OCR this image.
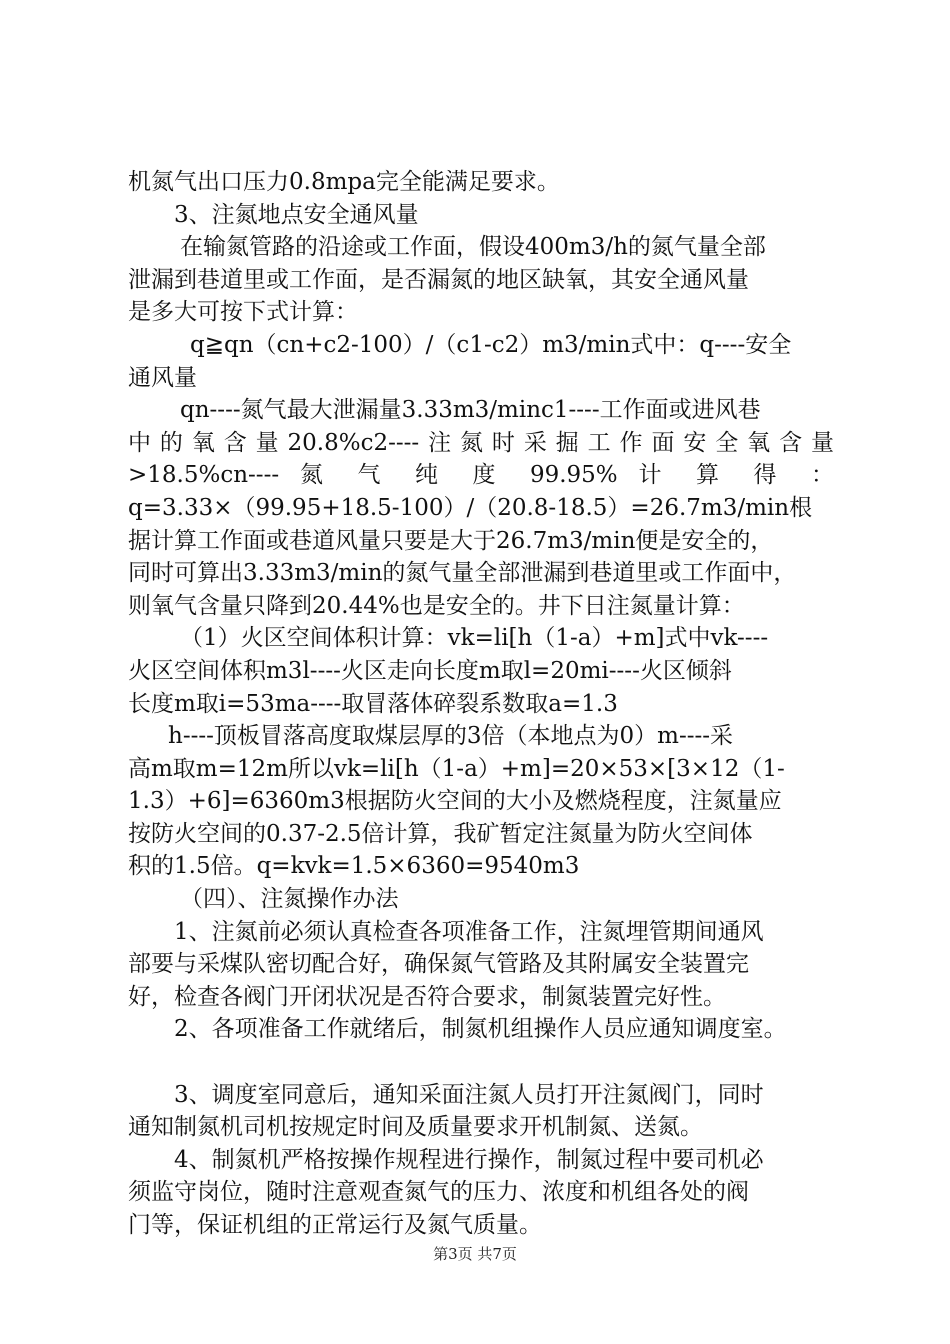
机氮气出口压力0.8mpa完全能满足要求。
3、注氮地点安全通风量
在输氮管路的沿途或工作面，假设400m3/h的氮气量全部
泄漏到巷道里或工作面，是否漏氮的地区缺氧，其安全通风量
是多大可按下式计算：
q≧qn（cn+c2-100）/（c1-c2）m3/min式中：q----安全
通风量
qn----氮气最大泄漏量3.33m3/minc1----工作面或进风巷
中的氧含量20.8%c2----注氮时采掘工作面安全氧含量
>18.5%cn---- 氮 气 纯 度 99.95% 计 算 得 ：
q=3.33×（99.95+18.5-100）/（20.8-18.5）=26.7m3/min根
据计算工作面或巷道风量只要是大于26.7m3/min便是安全的，
同时可算出3.33m3/min的氮气量全部泄漏到巷道里或工作面中，
则氧气含量只降到20.44%也是安全的。井下日注氮量计算：
（1）火区空间体积计算：vk=li[h（1-a）+m]式中vk----
火区空间体积m3l----火区走向长度m取l=20mi----火区倾斜
长度m取i=53ma----取冒落体碎裂系数取a=1.3
h----顶板冒落高度取煤层厚的3倍（本地点为0）m----采
高m取m=12m所以vk=li[h（1-a）+m]=20×53×[3×12（1-
1.3）+6]=6360m3根据防火空间的大小及燃烧程度，注氮量应
按防火空间的0.37-2.5倍计算，我矿暂定注氮量为防火空间体
积的1.5倍。q=kvk=1.5×6360=9540m3
（四）、注氮操作办法
1、注氮前必须认真检查各项准备工作，注氮埋管期间通风
部要与采煤队密切配合好，确保氮气管路及其附属安全装置完
好，检查各阀门开闭状况是否符合要求，制氮装置完好性。
2、各项准备工作就绪后，制氮机组操作人员应通知调度室。
3、调度室同意后，通知采面注氮人员打开注氮阀门，同时
通知制氮机司机按规定时间及质量要求开机制氮、送氮。
4、制氮机严格按操作规程进行操作，制氮过程中要司机必
须监守岗位，随时注意观查氮气的压力、浓度和机组各处的阀
门等，保证机组的正常运行及氮气质量。
第3页 共7页
